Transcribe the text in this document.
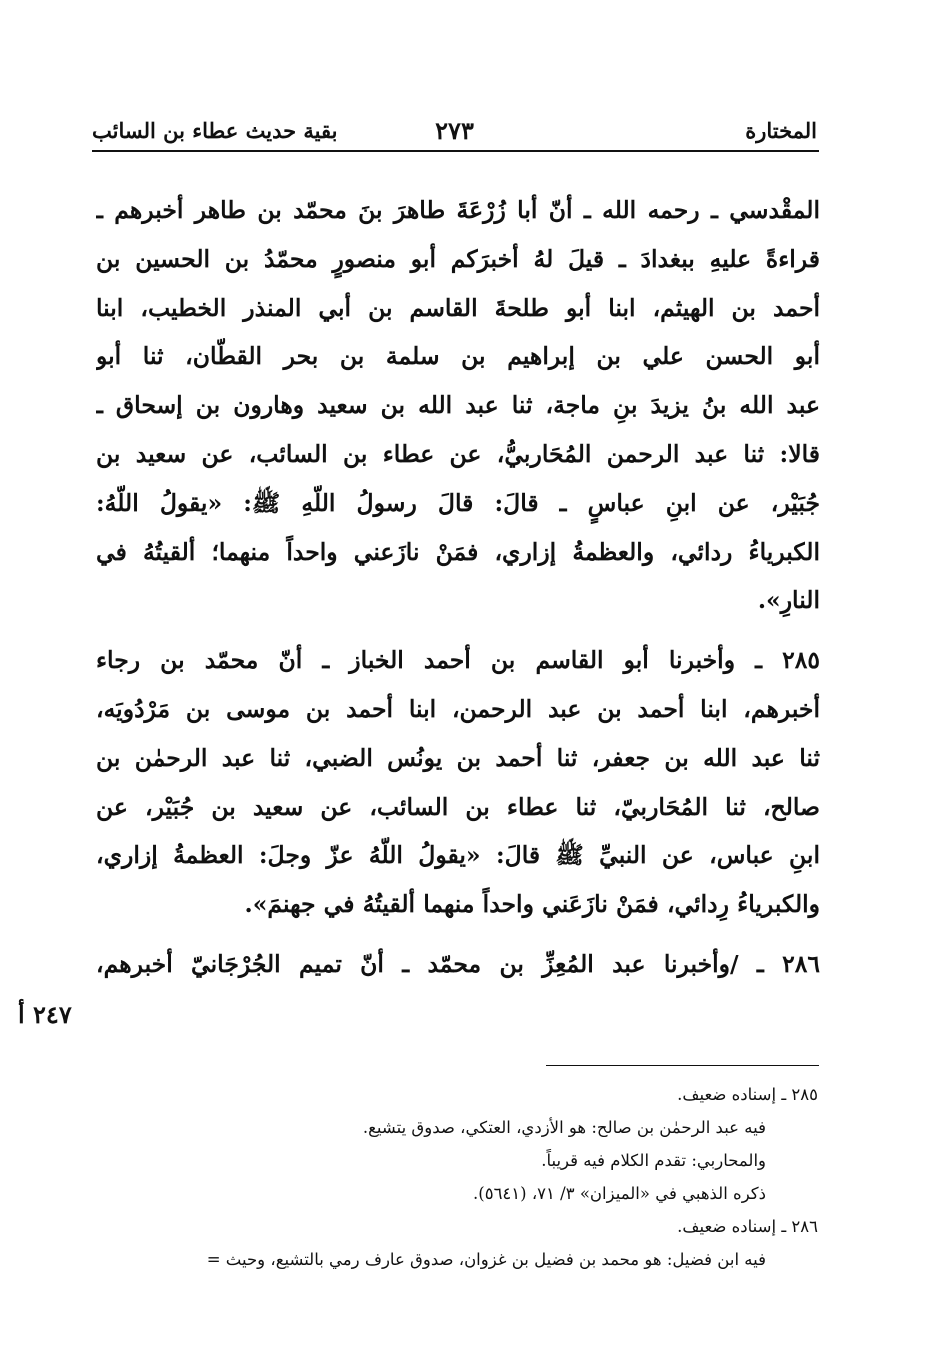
المختارة
٢٧٣
بقية حديث عطاء بن السائب
المقْدسي ـ رحمه الله ـ أنّ أبا زُرْعَةَ طاهرَ بنَ محمّد بن طاهر أخبرهم ـ
قراءةً عليهِ ببغدادَ ـ قيلَ لهُ أخبرَكم أبو منصورٍ محمّدُ بن الحسين بن
أحمد بن الهيثم، ابنا أبو طلحةَ القاسم بن أبي المنذر الخطيب، ابنا
أبو الحسن علي بن إبراهيم بن سلمة بن بحر القطّان، ثنا أبو
عبد الله بنُ يزيدَ بنِ ماجة، ثنا عبد الله بن سعيد وهارون بن إسحاق ـ
قالا: ثنا عبد الرحمن المُحَاربيُّ، عن عطاء بن السائب، عن سعيد بن
جُبَيْر، عن ابنِ عباسٍ ـ قالَ: قالَ رسولُ اللّهِ ﷺ: «يقولُ اللّهُ:
الكبرياءُ ردائي، والعظمةُ إزاري، فمَنْ نازَعني واحداً منهما؛ ألقيتُهُ في
النارِ».
٢٨٥ ـ وأخبرنا أبو القاسم بن أحمد الخباز ـ أنّ محمّد بن رجاء
أخبرهم، ابنا أحمد بن عبد الرحمن، ابنا أحمد بن موسى بن مَرْدُويَه،
ثنا عبد الله بن جعفر، ثنا أحمد بن يونُس الضبي، ثنا عبد الرحمٰن بن
صالح، ثنا المُحَاربيّ، ثنا عطاء بن السائب، عن سعيد بن جُبَيْر، عن
ابنِ عباس، عن النبيِّ ﷺ قالَ: «يقولُ اللّهُ عزّ وجلَ: العظمةُ إزاري،
والكبرياءُ رِدائي، فمَنْ نازَعَني واحداً منهما ألقيتُهُ في جهنمَ».
٢٨٦ ـ /وأخبرنا عبد المُعِزِّ بن محمّد ـ أنّ تميم الجُرْجَانيّ أخبرهم،
٢٤٧ أ
٢٨٥ ـ إسناده ضعيف.
فيه عبد الرحمٰن بن صالح: هو الأزدي، العتكي، صدوق يتشيع.
والمحاربي: تقدم الكلام فيه قريباً.
ذكره الذهبي في «الميزان» ٣/ ٧١، (٥٦٤١).
٢٨٦ ـ إسناده ضعيف.
فيه ابن فضيل: هو محمد بن فضيل بن غزوان، صدوق عارف رمي بالتشيع، وحيث =
